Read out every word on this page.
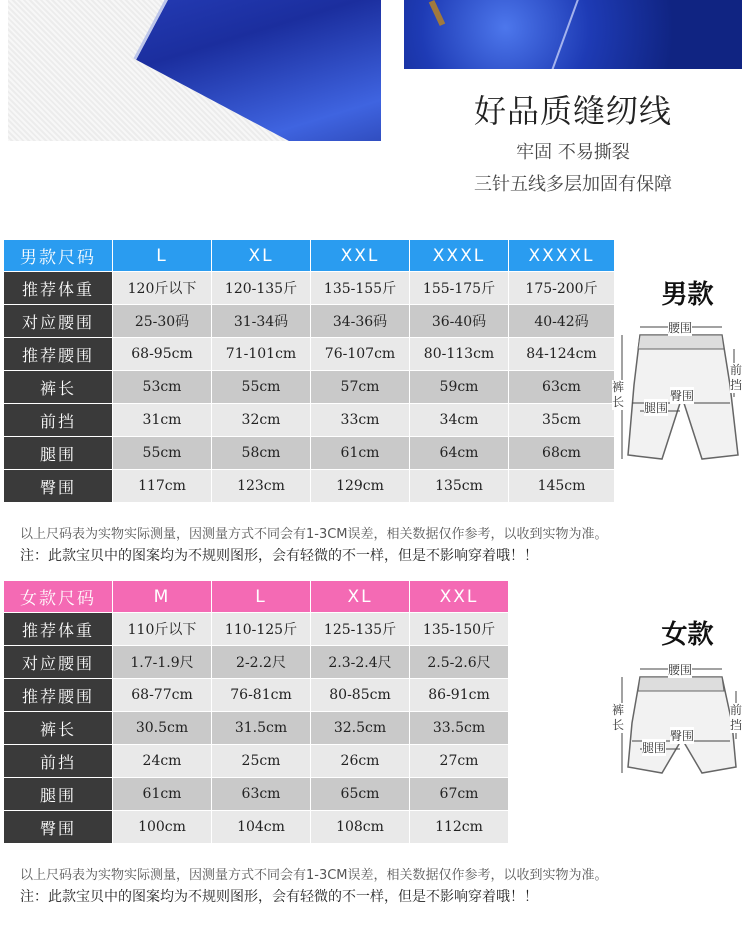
好品质缝纫线
牢固 不易撕裂
三针五线多层加固有保障
男款尺码	L	XL	XXL	XXXL	XXXXL
推荐体重	120斤以下	120-135斤	135-155斤	155-175斤	175-200斤
对应腰围	25-30码	31-34码	34-36码	36-40码	40-42码
推荐腰围	68-95cm	71-101cm	76-107cm	80-113cm	84-124cm
裤长	53cm	55cm	57cm	59cm	63cm
前挡	31cm	32cm	33cm	34cm	35cm
腿围	55cm	58cm	61cm	64cm	68cm
臀围	117cm	123cm	129cm	135cm	145cm
男款
腰围
裤长
前挡
臀围
腿围
以上尺码表为实物实际测量，因测量方式不同会有1-3CM误差，相关数据仅作参考，以收到实物为准。
注：此款宝贝中的图案均为不规则图形，会有轻微的不一样，但是不影响穿着哦！！
女款尺码	M	L	XL	XXL	
推荐体重	110斤以下	110-125斤	125-135斤	135-150斤	
对应腰围	1.7-1.9尺	2-2.2尺	2.3-2.4尺	2.5-2.6尺	
推荐腰围	68-77cm	76-81cm	80-85cm	86-91cm	
裤长	30.5cm	31.5cm	32.5cm	33.5cm	
前挡	24cm	25cm	26cm	27cm	
腿围	61cm	63cm	65cm	67cm	
臀围	100cm	104cm	108cm	112cm	
女款
腰围
裤长
前挡
臀围
腿围
以上尺码表为实物实际测量，因测量方式不同会有1-3CM误差，相关数据仅作参考，以收到实物为准。
注：此款宝贝中的图案均为不规则图形，会有轻微的不一样，但是不影响穿着哦！！
